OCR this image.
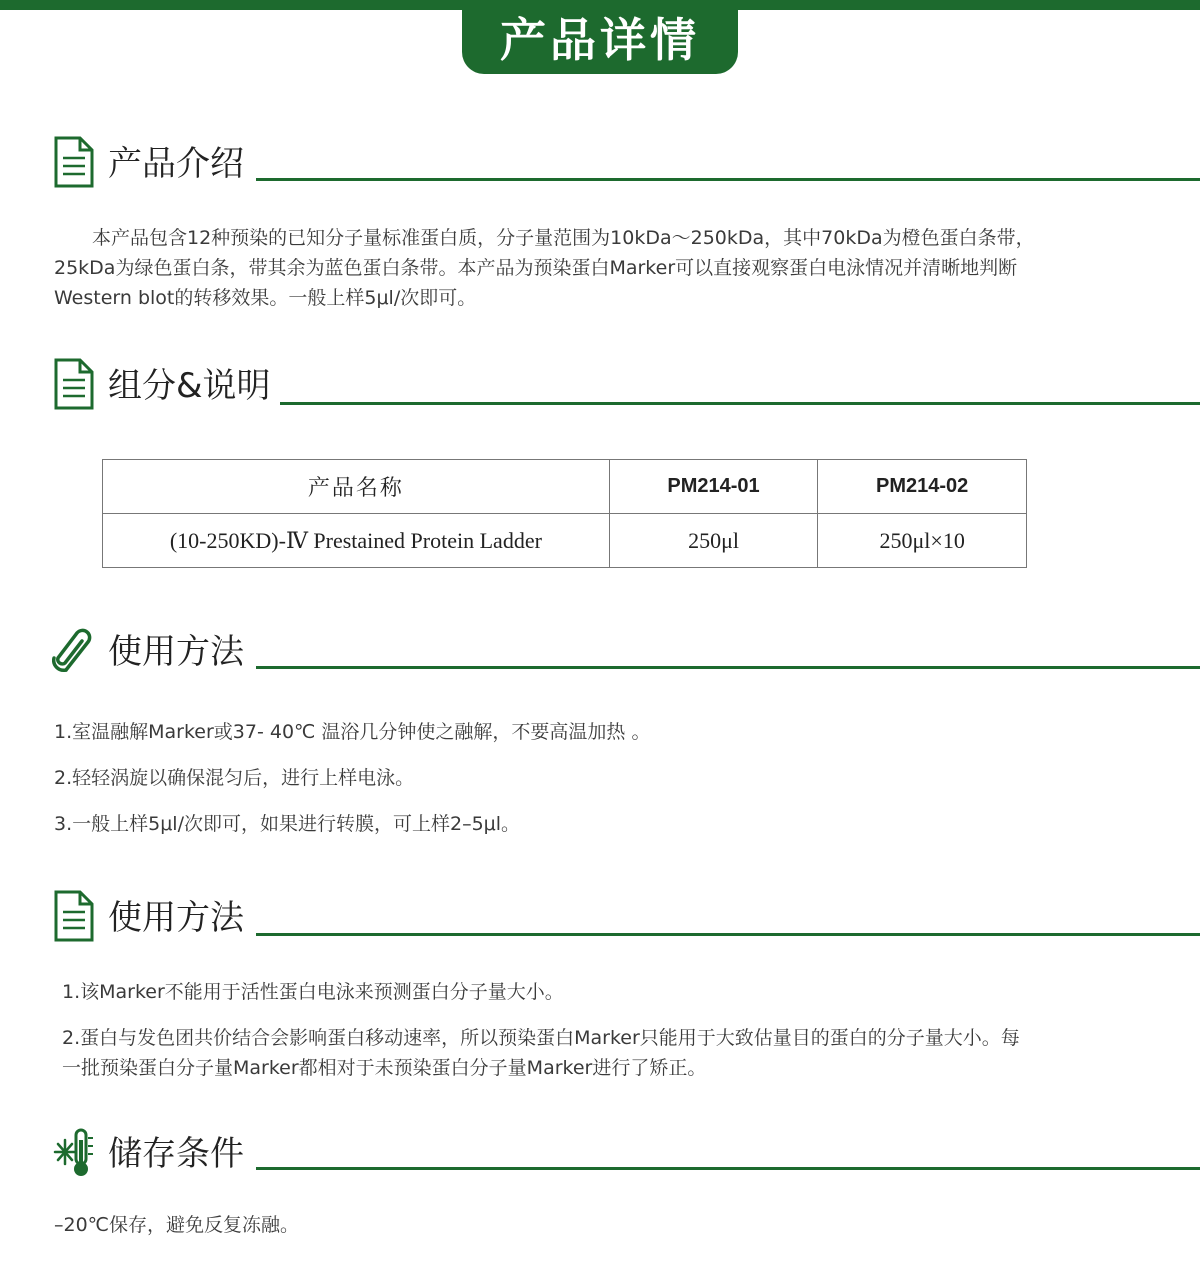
产品详情
产品介绍
本产品包含12种预染的已知分子量标准蛋白质，分子量范围为10kDa～250kDa，其中70kDa为橙色蛋白条带，
25kDa为绿色蛋白条，带其余为蓝色蛋白条带。本产品为预染蛋白Marker可以直接观察蛋白电泳情况并清晰地判断
Western blot的转移效果。一般上样5μl/次即可。
组分&说明
产品名称	PM214-01	PM214-02
(10-250KD)-Ⅳ Prestained Protein Ladder	250μl	250μl×10
使用方法
1.室温融解Marker或37- 40℃ 温浴几分钟使之融解，不要高温加热 。
2.轻轻涡旋以确保混匀后，进行上样电泳。
3.一般上样5μl/次即可，如果进行转膜，可上样2–5μl。
使用方法
1.该Marker不能用于活性蛋白电泳来预测蛋白分子量大小。
2.蛋白与发色团共价结合会影响蛋白移动速率，所以预染蛋白Marker只能用于大致估量目的蛋白的分子量大小。每
一批预染蛋白分子量Marker都相对于未预染蛋白分子量Marker进行了矫正。
储存条件
–20℃保存，避免反复冻融。
